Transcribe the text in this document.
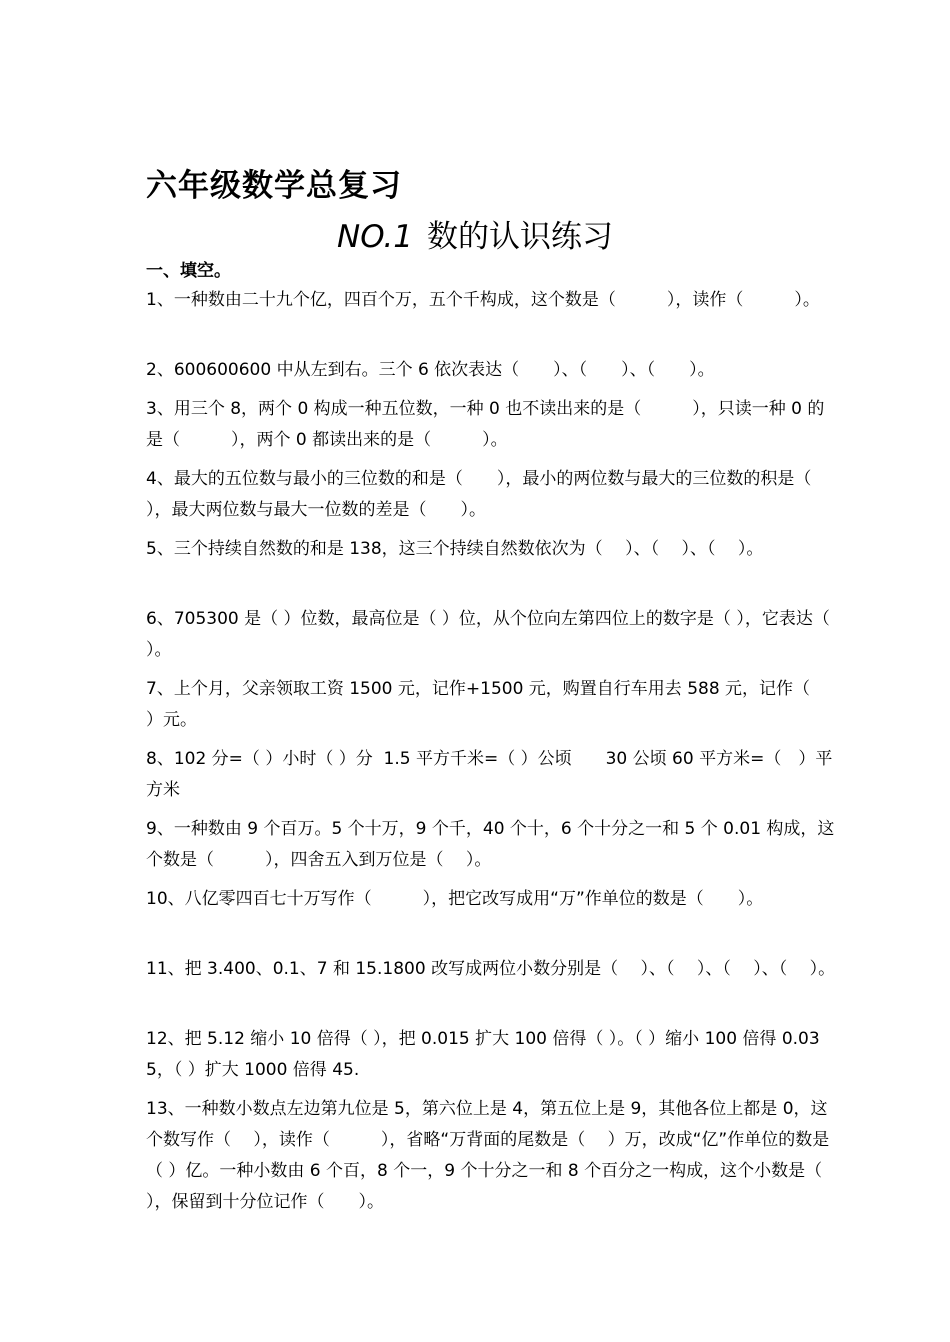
六年级数学总复习
NO.1 数的认识练习
一、填空。

1、一种数由二十九个亿，四百个万，五个千构成，这个数是（　　　），读作（　　　）。

2、600600600 中从左到右。三个 6 依次表达（　　）、（　　）、（　　）。

3、用三个 8，两个 0 构成一种五位数，一种 0 也不读出来的是（　　　），只读一种 0 的是（　　　），两个 0 都读出来的是（　　　）。

4、最大的五位数与最小的三位数的和是（　　），最小的两位数与最大的三位数的积是（　　　），最大两位数与最大一位数的差是（　　）。

5、三个持续自然数的和是 138，这三个持续自然数依次为（　 ）、（　 ）、（　 ）。

6、705300 是（ ）位数，最高位是（ ）位，从个位向左第四位上的数字是（ ），它表达（　 ）。

7、上个月，父亲领取工资 1500 元，记作+1500 元，购置自行车用去 588 元，记作（　 ）元。

8、102 分=（ ）小时（ ）分  1.5 平方千米=（ ）公顷　　30 公顷 60 平方米=（　）平方米

9、一种数由 9 个百万。5 个十万，9 个千，40 个十，6 个十分之一和 5 个 0.01 构成，这个数是（　　　），四舍五入到万位是（　 ）。

10、八亿零四百七十万写作（　　　），把它改写成用“万”作单位的数是（　　）。

11、把 3.400、0.1、7 和 15.1800 改写成两位小数分别是（　 ）、（　 ）、（　 ）、（　 ）。

12、把 5.12 缩小 10 倍得（ ），把 0.015 扩大 100 倍得（ ）。（ ）缩小 100 倍得 0.035，（ ）扩大 1000 倍得 45.

13、一种数小数点左边第九位是 5，第六位上是 4，第五位上是 9，其他各位上都是 0，这个数写作（　 ），读作（　　　），省略“万背面的尾数是（　 ）万，改成“亿”作单位的数是（ ）亿。一种小数由 6 个百，8 个一，9 个十分之一和 8 个百分之一构成，这个小数是（　 ），保留到十分位记作（　　）。
